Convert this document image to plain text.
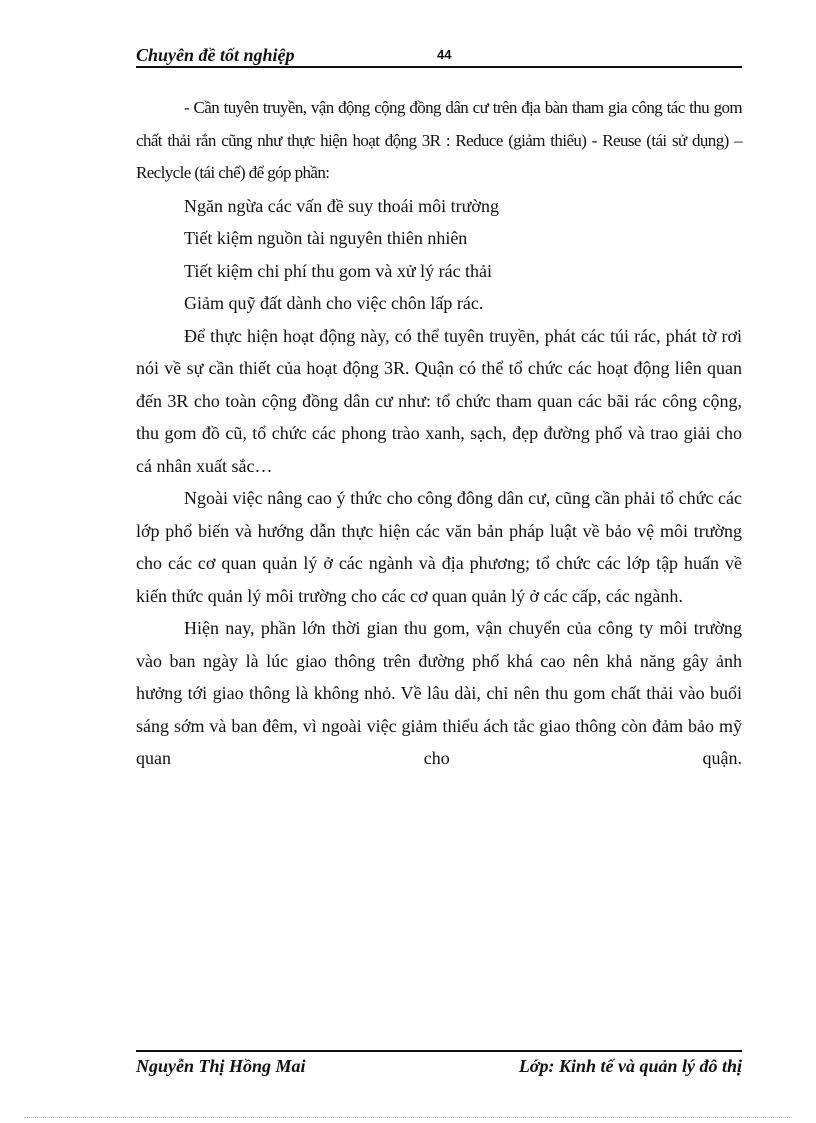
Chuyên đề tốt nghiệp	44

- Cần tuyên truyền, vận động cộng đồng dân cư trên địa bàn tham gia công tác thu gom chất thải rắn cũng như thực hiện hoạt động 3R : Reduce (giảm thiểu) - Reuse (tái sử dụng) – Reclycle (tái chế) để góp phần:

Ngăn ngừa các vấn đề suy thoái môi trường

Tiết kiệm nguồn tài nguyên thiên nhiên

Tiết kiệm chi phí thu gom và xử lý rác thải

Giảm quỹ đất dành cho việc chôn lấp rác.

Để thực hiện hoạt động này, có thể tuyên truyền, phát các túi rác, phát tờ rơi nói về sự cần thiết của hoạt động 3R. Quận có thể tổ chức các hoạt động liên quan đến 3R cho toàn cộng đồng dân cư như: tổ chức tham quan các bãi rác công cộng, thu gom đồ cũ, tổ chức các phong trào xanh, sạch, đẹp đường phố và trao giải cho cá nhân xuất sắc…

Ngoài việc nâng cao ý thức cho công đông dân cư, cũng cần phải tổ chức các lớp phổ biến và hướng dẫn thực hiện các văn bản pháp luật về bảo vệ môi trường cho các cơ quan quản lý ở các ngành và địa phương; tổ chức các lớp tập huấn về kiến thức quản lý môi trường cho các cơ quan quản lý ở các cấp, các ngành.

Hiện nay, phần lớn thời gian thu gom, vận chuyển của công ty môi trường vào ban ngày là lúc giao thông trên đường phố khá cao nên khả năng gây ảnh hưởng tới giao thông là không nhỏ. Về lâu dài, chỉ nên thu gom chất thải vào buổi sáng sớm và ban đêm, vì ngoài việc giảm thiểu ách tắc giao thông còn đảm bảo mỹ quan cho quận.

Nguyễn Thị Hồng Mai	Lớp: Kinh tế và quản lý đô thị
